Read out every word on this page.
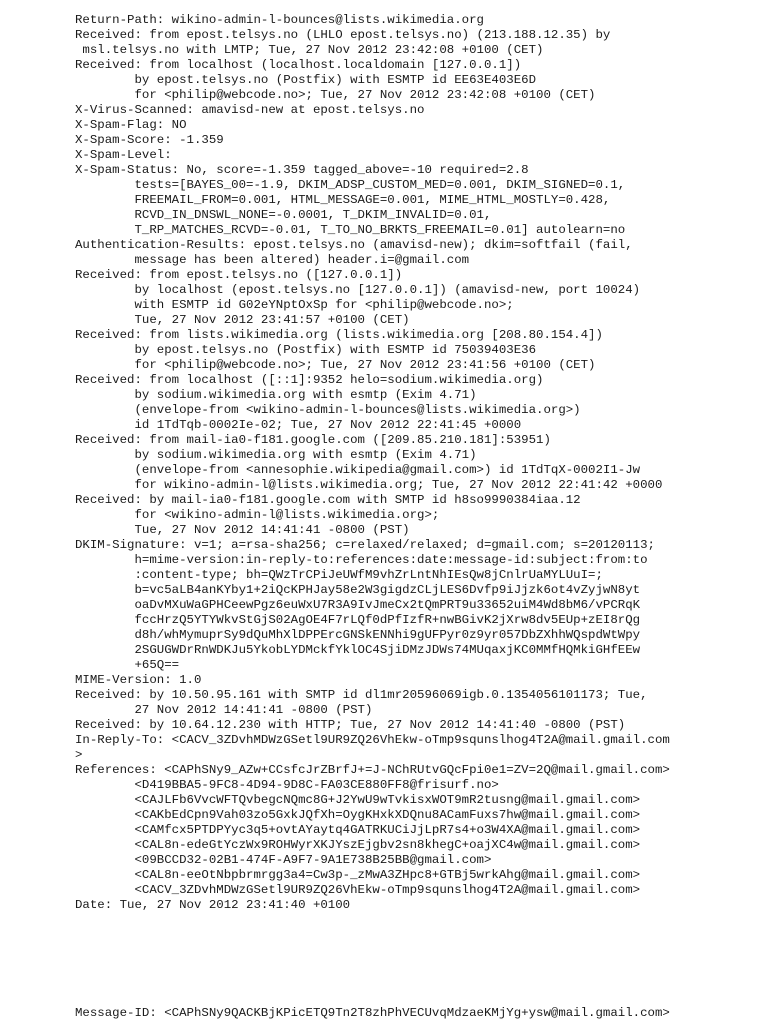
Return-Path: wikino-admin-l-bounces@lists.wikimedia.org
Received: from epost.telsys.no (LHLO epost.telsys.no) (213.188.12.35) by
msl.telsys.no with LMTP; Tue, 27 Nov 2012 23:42:08 +0100 (CET)
Received: from localhost (localhost.localdomain [127.0.0.1])
by epost.telsys.no (Postfix) with ESMTP id EE63E403E6D
for <philip@webcode.no>; Tue, 27 Nov 2012 23:42:08 +0100 (CET)
X-Virus-Scanned: amavisd-new at epost.telsys.no
X-Spam-Flag: NO
X-Spam-Score: -1.359
X-Spam-Level:
X-Spam-Status: No, score=-1.359 tagged_above=-10 required=2.8
tests=[BAYES_00=-1.9, DKIM_ADSP_CUSTOM_MED=0.001, DKIM_SIGNED=0.1,
FREEMAIL_FROM=0.001, HTML_MESSAGE=0.001, MIME_HTML_MOSTLY=0.428,
RCVD_IN_DNSWL_NONE=-0.0001, T_DKIM_INVALID=0.01,
T_RP_MATCHES_RCVD=-0.01, T_TO_NO_BRKTS_FREEMAIL=0.01] autolearn=no
Authentication-Results: epost.telsys.no (amavisd-new); dkim=softfail (fail,
message has been altered) header.i=@gmail.com
Received: from epost.telsys.no ([127.0.0.1])
by localhost (epost.telsys.no [127.0.0.1]) (amavisd-new, port 10024)
with ESMTP id G02eYNptOxSp for <philip@webcode.no>;
Tue, 27 Nov 2012 23:41:57 +0100 (CET)
Received: from lists.wikimedia.org (lists.wikimedia.org [208.80.154.4])
by epost.telsys.no (Postfix) with ESMTP id 75039403E36
for <philip@webcode.no>; Tue, 27 Nov 2012 23:41:56 +0100 (CET)
Received: from localhost ([::1]:9352 helo=sodium.wikimedia.org)
by sodium.wikimedia.org with esmtp (Exim 4.71)
(envelope-from <wikino-admin-l-bounces@lists.wikimedia.org>)
id 1TdTqb-0002Ie-02; Tue, 27 Nov 2012 22:41:45 +0000
Received: from mail-ia0-f181.google.com ([209.85.210.181]:53951)
by sodium.wikimedia.org with esmtp (Exim 4.71)
(envelope-from <annesophie.wikipedia@gmail.com>) id 1TdTqX-0002I1-Jw
for wikino-admin-l@lists.wikimedia.org; Tue, 27 Nov 2012 22:41:42 +0000
Received: by mail-ia0-f181.google.com with SMTP id h8so9990384iaa.12
for <wikino-admin-l@lists.wikimedia.org>;
Tue, 27 Nov 2012 14:41:41 -0800 (PST)
DKIM-Signature: v=1; a=rsa-sha256; c=relaxed/relaxed; d=gmail.com; s=20120113;
h=mime-version:in-reply-to:references:date:message-id:subject:from:to
:content-type; bh=QWzTrCPiJeUWfM9vhZrLntNhIEsQw8jCnlrUaMYLUuI=;
b=vc5aLB4anKYby1+2iQcKPHJay58e2W3gigdzCLjLES6Dvfp9iJjzk6ot4vZyjwN8yt
oaDvMXuWaGPHCeewPgz6euWxU7R3A9IvJmeCx2tQmPRT9u33652uiM4Wd8bM6/vPCRqK
fccHrzQ5YTYWkvStGjS02AgOE4F7rLQf0dPfIzfR+nwBGivK2jXrw8dv5EUp+zEI8rQg
d8h/whMymuprSy9dQuMhXlDPPErcGNSkENNhi9gUFPyr0z9yr057DbZXhhWQspdWtWpy
2SGUGWDrRnWDKJu5YkobLYDMckfYklOC4SjiDMzJDWs74MUqaxjKC0MMfHQMkiGHfEEw
+65Q==
MIME-Version: 1.0
Received: by 10.50.95.161 with SMTP id dl1mr20596069igb.0.1354056101173; Tue,
27 Nov 2012 14:41:41 -0800 (PST)
Received: by 10.64.12.230 with HTTP; Tue, 27 Nov 2012 14:41:40 -0800 (PST)
In-Reply-To: <CACV_3ZDvhMDWzGSetl9UR9ZQ26VhEkw-oTmp9squnslhog4T2A@mail.gmail.com
>
References: <CAPhSNy9_AZw+CCsfcJrZBrfJ+=J-NChRUtvGQcFpi0e1=ZV=2Q@mail.gmail.com>
<D419BBA5-9FC8-4D94-9D8C-FA03CE880FF8@frisurf.no>
<CAJLFb6VvcWFTQvbegcNQmc8G+J2YwU9wTvkisxWOT9mR2tusng@mail.gmail.com>
<CAKbEdCpn9Vah03zo5GxkJQfXh=OygKHxkXDQnu8ACamFuxs7hw@mail.gmail.com>
<CAMfcx5PTDPYyc3q5+ovtAYaytq4GATRKUCiJjLpR7s4+o3W4XA@mail.gmail.com>
<CAL8n-edeGtYczWx9ROHWyrXKJYszEjgbv2sn8khegC+oajXC4w@mail.gmail.com>
<09BCCD32-02B1-474F-A9F7-9A1E738B25BB@gmail.com>
<CAL8n-eeOtNbpbrmrgg3a4=Cw3p-_zMwA3ZHpc8+GTBj5wrkAhg@mail.gmail.com>
<CACV_3ZDvhMDWzGSetl9UR9ZQ26VhEkw-oTmp9squnslhog4T2A@mail.gmail.com>
Date: Tue, 27 Nov 2012 23:41:40 +0100
Message-ID: <CAPhSNy9QACKBjKPicETQ9Tn2T8zhPhVECUvqMdzaeKMjYg+ysw@mail.gmail.com>
